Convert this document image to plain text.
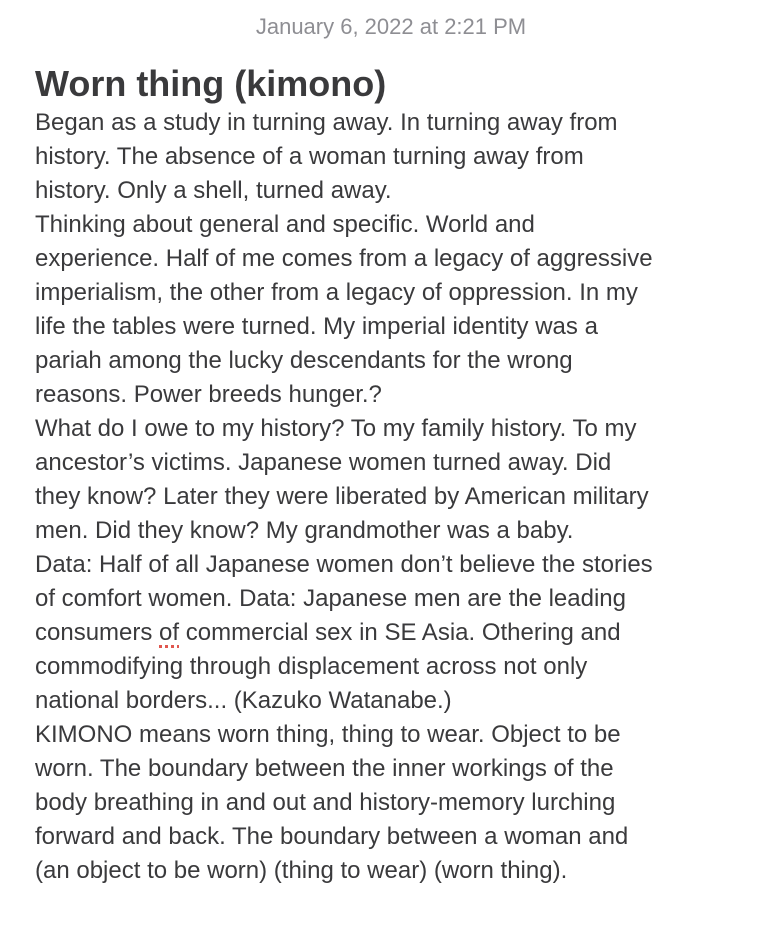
January 6, 2022 at 2:21 PM
Worn thing (kimono)
Began as a study in turning away. In turning away from
history. The absence of a woman turning away from
history. Only a shell, turned away.
Thinking about general and specific. World and
experience. Half of me comes from a legacy of aggressive
imperialism, the other from a legacy of oppression. In my
life the tables were turned. My imperial identity was a
pariah among the lucky descendants for the wrong
reasons. Power breeds hunger.?
What do I owe to my history? To my family history. To my
ancestor’s victims. Japanese women turned away. Did
they know? Later they were liberated by American military
men. Did they know? My grandmother was a baby.
Data: Half of all Japanese women don’t believe the stories
of comfort women. Data: Japanese men are the leading
consumers of commercial sex in SE Asia. Othering and
commodifying through displacement across not only
national borders... (Kazuko Watanabe.)
KIMONO means worn thing, thing to wear. Object to be
worn. The boundary between the inner workings of the
body breathing in and out and history-memory lurching
forward and back. The boundary between a woman and
(an object to be worn) (thing to wear) (worn thing).
